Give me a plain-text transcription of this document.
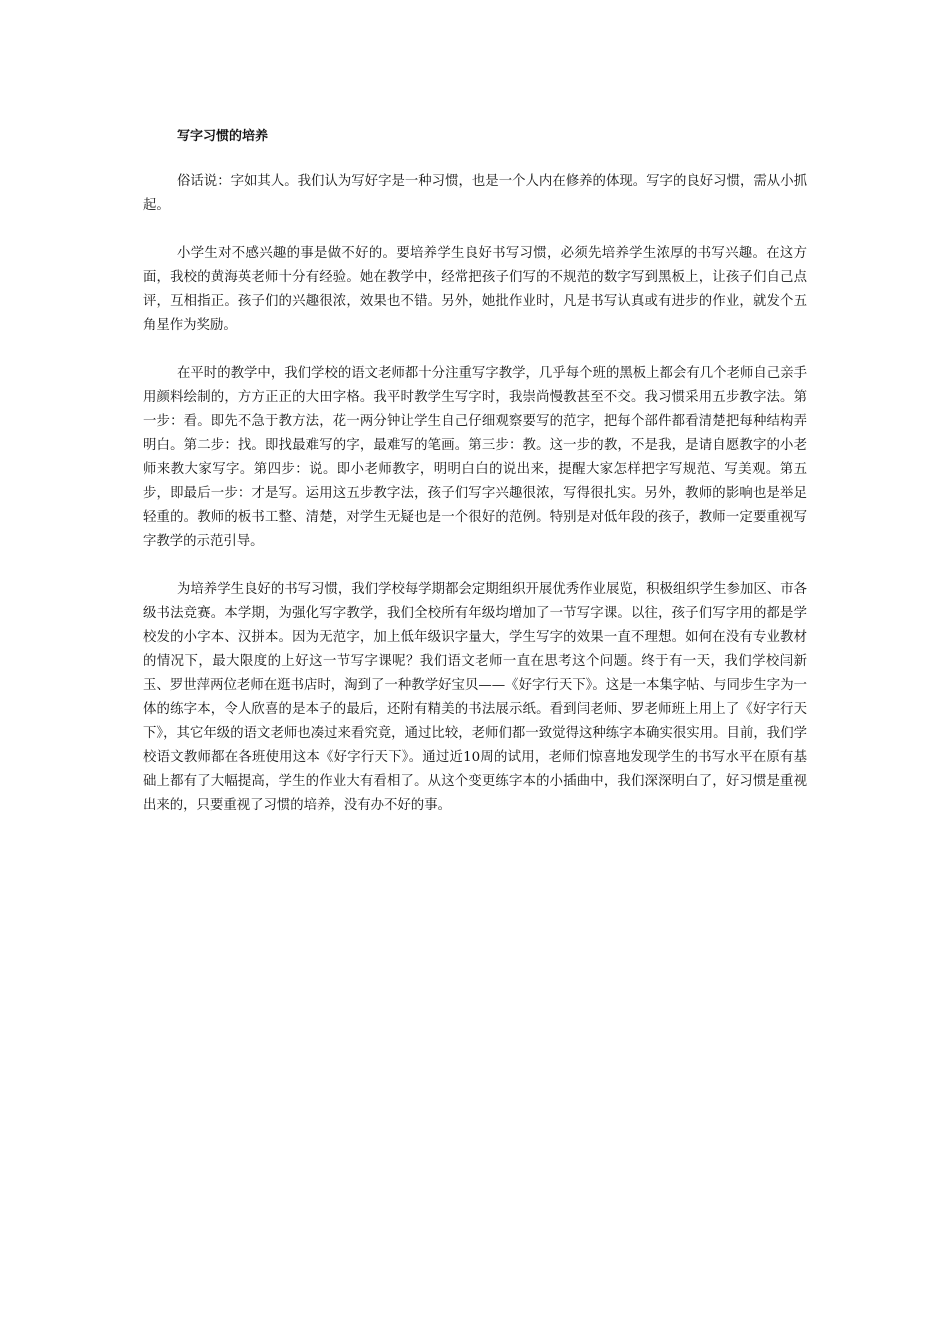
写字习惯的培养

俗话说：字如其人。我们认为写好字是一种习惯，也是一个人内在修养的体现。写字的良好习惯，需从小抓起。

小学生对不感兴趣的事是做不好的。要培养学生良好书写习惯，必须先培养学生浓厚的书写兴趣。在这方面，我校的黄海英老师十分有经验。她在教学中，经常把孩子们写的不规范的数字写到黑板上，让孩子们自己点评，互相指正。孩子们的兴趣很浓，效果也不错。另外，她批作业时，凡是书写认真或有进步的作业，就发个五角星作为奖励。

在平时的教学中，我们学校的语文老师都十分注重写字教学，几乎每个班的黑板上都会有几个老师自己亲手用颜料绘制的，方方正正的大田字格。我平时教学生写字时，我崇尚慢教甚至不交。我习惯采用五步教字法。第一步：看。即先不急于教方法，花一两分钟让学生自己仔细观察要写的范字，把每个部件都看清楚把每种结构弄明白。第二步：找。即找最难写的字，最难写的笔画。第三步：教。这一步的教，不是我，是请自愿教字的小老师来教大家写字。第四步：说。即小老师教字，明明白白的说出来，提醒大家怎样把字写规范、写美观。第五步，即最后一步：才是写。运用这五步教字法，孩子们写字兴趣很浓，写得很扎实。另外，教师的影响也是举足轻重的。教师的板书工整、清楚，对学生无疑也是一个很好的范例。特别是对低年段的孩子，教师一定要重视写字教学的示范引导。

为培养学生良好的书写习惯，我们学校每学期都会定期组织开展优秀作业展览，积极组织学生参加区、市各级书法竞赛。本学期，为强化写字教学，我们全校所有年级均增加了一节写字课。以往，孩子们写字用的都是学校发的小字本、汉拼本。因为无范字，加上低年级识字量大，学生写字的效果一直不理想。如何在没有专业教材的情况下，最大限度的上好这一节写字课呢？我们语文老师一直在思考这个问题。终于有一天，我们学校闫新玉、罗世萍两位老师在逛书店时，淘到了一种教学好宝贝——《好字行天下》。这是一本集字帖、与同步生字为一体的练字本，令人欣喜的是本子的最后，还附有精美的书法展示纸。看到闫老师、罗老师班上用上了《好字行天下》，其它年级的语文老师也凑过来看究竟，通过比较，老师们都一致觉得这种练字本确实很实用。目前，我们学校语文教师都在各班使用这本《好字行天下》。通过近10周的试用，老师们惊喜地发现学生的书写水平在原有基础上都有了大幅提高，学生的作业大有看相了。从这个变更练字本的小插曲中，我们深深明白了，好习惯是重视出来的，只要重视了习惯的培养，没有办不好的事。
